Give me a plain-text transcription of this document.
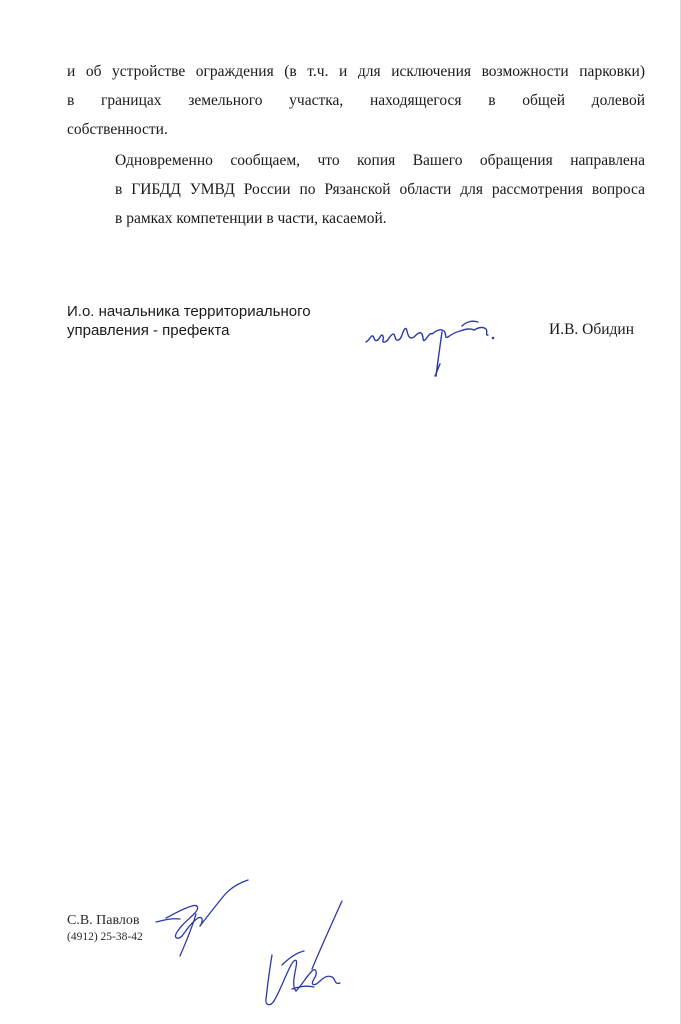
и об устройстве ограждения (в т.ч. и для исключения возможности парковки)
в границах земельного участка, находящегося в общей долевой
собственности.

Одновременно сообщаем, что копия Вашего обращения направлена
в ГИБДД УМВД России по Рязанской области для рассмотрения вопроса
в рамках компетенции в части, касаемой.

И.о. начальника территориального
управления - префекта	И.В. Обидин
С.В. Павлов
(4912) 25-38-42
